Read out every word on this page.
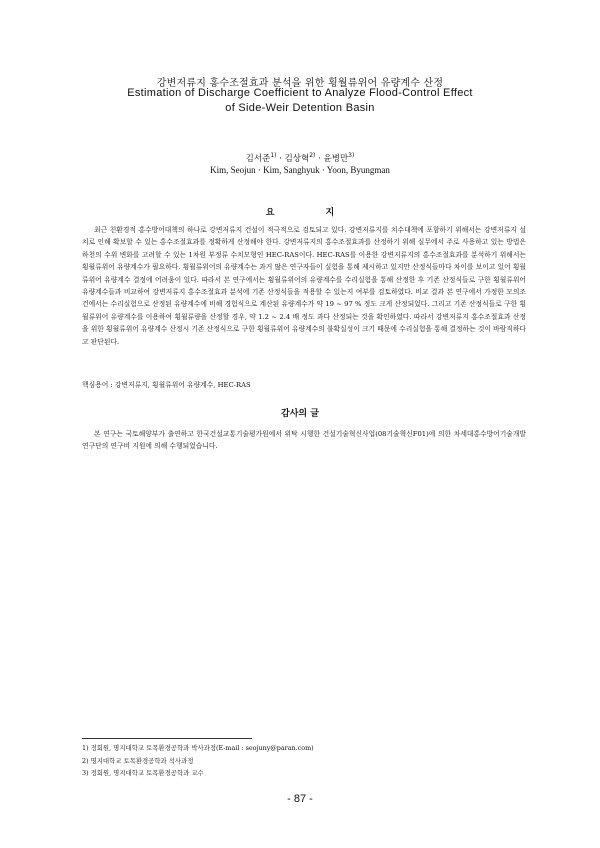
강변저류지 홍수조절효과 분석을 위한 횡월류위어 유량계수 산정
Estimation of Discharge Coefficient to Analyze Flood-Control Effect
of Side-Weir Detention Basin
김서준$^{1)}$ · 김상혁$^{2)}$ · 윤병만$^{3)}$
Kim, Seojun · Kim, Sanghyuk · Yoon, Byungman
요 지

최근 친환경적 홍수방어대책의 하나로 강변저류지 건설이 적극적으로 검토되고 있다. 강변저류지를 치수대책에 포함하기 위해서는 강변저류지 설치로 인해 확보할 수 있는 홍수조절효과를 정확하게 산정해야 한다. 강변저류지의 홍수조절효과를 산정하기 위해 실무에서 주로 사용하고 있는 방법은 하천의 수위 변화를 고려할 수 있는 1차원 부정류 수치모형인 HEC-RAS이다. HEC-RAS를 이용한 강변저류지의 홍수조절효과를 분석하기 위해서는 횡월류위어 유량계수가 필요하다. 횡월류위어의 유량계수는 과거 많은 연구자들이 실험을 통해 제시하고 있지만 산정식들마다 차이를 보이고 있어 횡월류위어 유량계수 결정에 어려움이 있다. 따라서 본 연구에서는 횡월류위어의 유량계수를 수리실험을 통해 산정한 후 기존 산정식들로 구한 횡월류위어 유량계수들과 비교하여 강변저류지 홍수조절효과 분석에 기존 산정식들을 적용할 수 있는지 여부를 검토하였다. 비교 결과 본 연구에서 가정한 모의조건에서는 수리실험으로 산정된 유량계수에 비해 경험식으로 계산된 유량계수가 약 19 ~ 97 % 정도 크게 산정되었다. 그리고 기존 산정식들로 구한 횡월류위어 유량계수를 이용하여 횡월류량을 산정할 경우, 약 1.2 ~ 2.4 배 정도 과다 산정되는 것을 확인하였다. 따라서 강변저류지 홍수조절효과 산정을 위한 횡월류위어 유량계수 산정시 기존 산정식으로 구한 횡월류위어 유량계수의 불확실성이 크기 때문에 수리실험을 통해 결정하는 것이 바람직하다고 판단된다.

핵심용어 : 강변저류지, 횡월류위어 유량계수, HEC-RAS
감사의 글

본 연구는 국토해양부가 출연하고 한국건설교통기술평가원에서 위탁 시행한 건설기술혁신사업(08기술혁신F01)에 의한 차세대홍수방어기술개발연구단의 연구비 지원에 의해 수행되었습니다.

1) 정회원, 명지대학교 토목환경공학과 박사과정(E-mail : seojuny@paran.com)
2) 명지대학교 토목환경공학과 석사과정
3) 정회원, 명지대학교 토목환경공학과 교수
- 87 -
